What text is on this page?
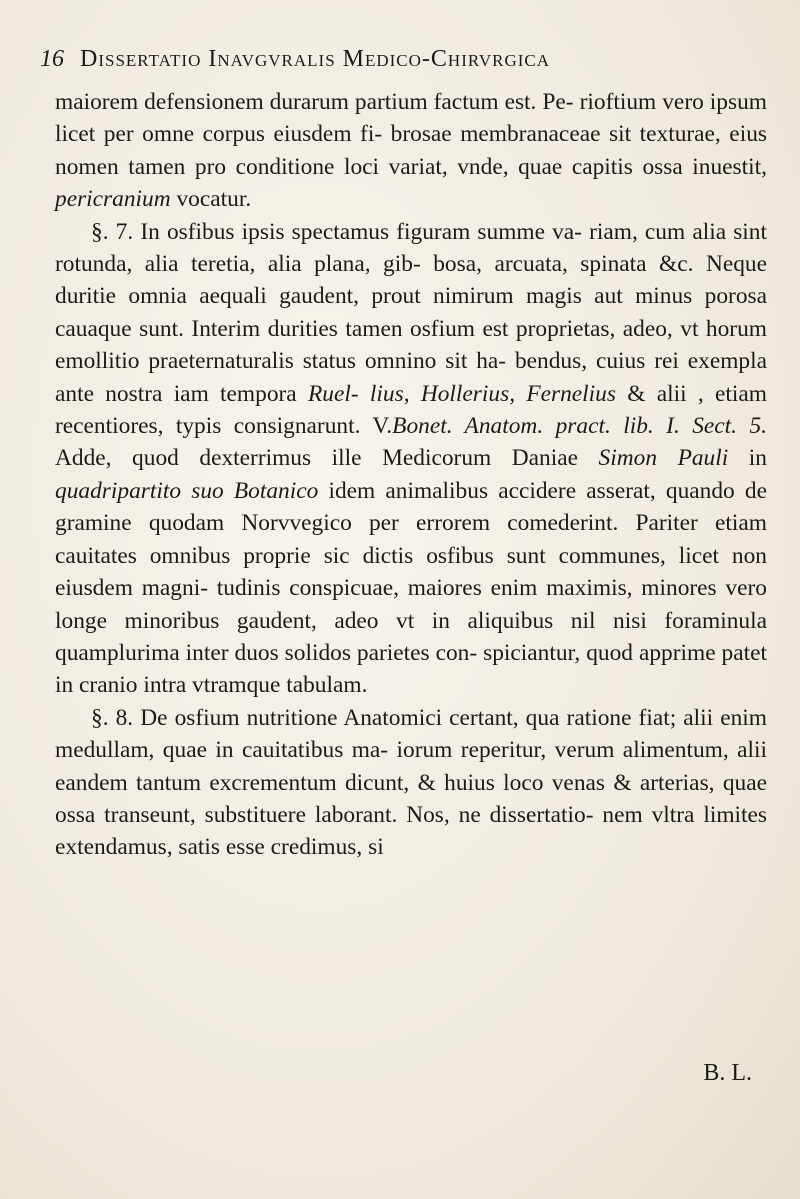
16 Dissertatio Inavgvralis Medico-Chirvrgica

maiorem defensionem durarum partium factum est. Pe- rioftium vero ipsum licet per omne corpus eiusdem fi- brosae membranaceae sit texturae, eius nomen tamen pro conditione loci variat, vnde, quae capitis ossa inuestit, pericranium vocatur.

§. 7. In osfibus ipsis spectamus figuram summe va- riam, cum alia sint rotunda, alia teretia, alia plana, gib- bosa, arcuata, spinata &c. Neque duritie omnia aequali gaudent, prout nimirum magis aut minus porosa cauaque sunt. Interim durities tamen osfium est proprietas, adeo, vt horum emollitio praeternaturalis status omnino sit ha- bendus, cuius rei exempla ante nostra iam tempora Ruel- lius, Hollerius, Fernelius & alii , etiam recentiores, typis consignarunt. V.Bonet. Anatom. pract. lib. I. Sect. 5. Adde, quod dexterrimus ille Medicorum Daniae Simon Pauli in quadripartito suo Botanico idem animalibus accidere asserat, quando de gramine quodam Norvvegico per errorem comederint. Pariter etiam cauitates omnibus proprie sic dictis osfibus sunt communes, licet non eiusdem magni- tudinis conspicuae, maiores enim maximis, minores vero longe minoribus gaudent, adeo vt in aliquibus nil nisi foraminula quamplurima inter duos solidos parietes con- spiciantur, quod apprime patet in cranio intra vtramque tabulam.

§. 8. De osfium nutritione Anatomici certant, qua ratione fiat; alii enim medullam, quae in cauitatibus ma- iorum reperitur, verum alimentum, alii eandem tantum excrementum dicunt, & huius loco venas & arterias, quae ossa transeunt, substituere laborant. Nos, ne dissertatio- nem vltra limites extendamus, satis esse credimus, si

B. L.
